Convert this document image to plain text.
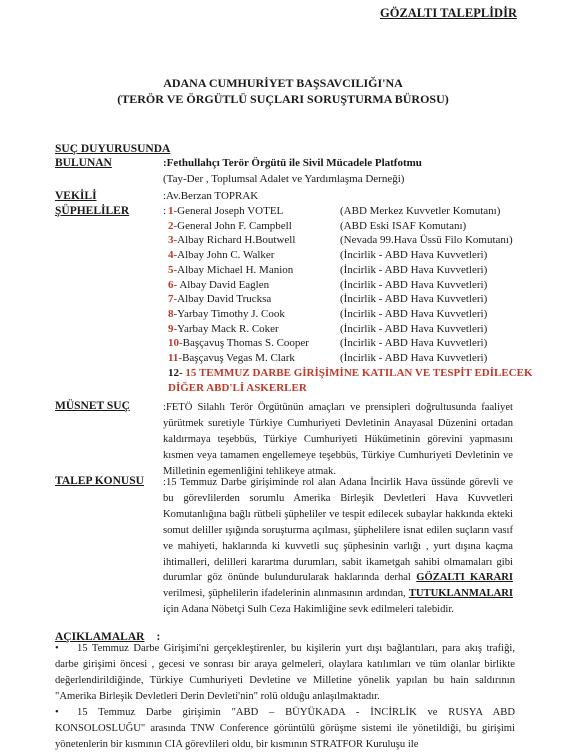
GÖZALTI TALEPLİDİR
ADANA CUMHURİYET BAŞSAVCILIĞI'NA
(TERÖR VE ÖRGÜTLÜ SUÇLARI SORUŞTURMA BÜROSU)
SUÇ DUYURUSUNDA
BULUNAN	:Fethullahçı Terör Örgütü ile Sivil Mücadele Platfotmu
(Tay-Der , Toplumsal Adalet ve Yardımlaşma Derneği)
VEKİLİ	:Av.Berzan TOPRAK
ŞÜPHELİLER	: 1-General Joseph VOTEL	(ABD Merkez Kuvvetler Komutanı)
2-General John F. Campbell	(ABD Eski ISAF Komutanı)
3-Albay Richard H.Boutwell	(Nevada 99.Hava Üssü Filo Komutanı)
4-Albay John C. Walker	(İncirlik - ABD Hava Kuvvetleri)
5-Albay Michael H. Manion	(İncirlik - ABD Hava Kuvvetleri)
6- Albay David Eaglen	(İncirlik - ABD Hava Kuvvetleri)
7-Albay David Trucksa	(İncirlik - ABD Hava Kuvvetleri)
8-Yarbay Timothy J. Cook	(İncirlik - ABD Hava Kuvvetleri)
9-Yarbay Mack R. Coker	(İncirlik - ABD Hava Kuvvetleri)
10-Başçavuş Thomas S. Cooper	(İncirlik - ABD Hava Kuvvetleri)
11-Başçavuş Vegas M. Clark	(İncirlik - ABD Hava Kuvvetleri)
12- 15 TEMMUZ DARBE GİRİŞİMİNE KATILAN VE TESPİT EDİLECEK
DİĞER ABD'Lİ ASKERLER
MÜSNET SUÇ	:FETÖ Silahlı Terör Örgütünün amaçları ve prensipleri doğrultusunda faaliyet yürütmek suretiyle Türkiye Cumhuriyeti Devletinin Anayasal Düzenini ortadan kaldırmaya teşebbüs, Türkiye Cumhuriyeti Hükümetinin görevini yapmasını kısmen veya tamamen engellemeye teşebbüs, Türkiye Cumhuriyeti Devletinin ve Milletinin egemenliğini tehlikeye atmak.
TALEP KONUSU :15 Temmuz Darbe girişiminde rol alan Adana İncirlik Hava üssünde görevli ve bu görevlilerden sorumlu Amerika Birleşik Devletleri Hava Kuvvetleri Komutanlığına bağlı rütbeli şüpheliler ve tespit edilecek subaylar hakkında ekteki somut deliller ışığında soruşturma açılması, şüphelilere isnat edilen suçların vasıf ve mahiyeti, haklarında ki kuvvetli suç şüphesinin varlığı , yurt dışına kaçma ihtimalleri, delilleri karartma durumları, sabit ikametgah sahibi olmamaları gibi durumlar göz önünde bulundurularak haklarında derhal GÖZALTI KARARI verilmesi, şüphelilerin ifadelerinin alınmasının ardından, TUTUKLANMALARI için Adana Nöbetçi Sulh Ceza Hakimliğine sevk edilmeleri talebidir.
AÇIKLAMALAR :
• 15 Temmuz Darbe Girişimi'ni gerçekleştirenler, bu kişilerin yurt dışı bağlantıları, para akış trafiği, darbe girişimi öncesi , gecesi ve sonrası bir araya gelmeleri, olaylara katılımları ve tüm olanlar birlikte değerlendirildiğinde, Türkiye Cumhuriyeti Devletine ve Milletine yönelik yapılan bu hain saldırının "Amerika Birleşik Devletleri Derin Devleti'nin" rolü olduğu anlaşılmaktadır.
• 15 Temmuz Darbe girişimin "ABD – BÜYÜKADA - İNCİRLİK ve RUSYA ABD KONSOLOSLUĞU" arasında TNW Conference görüntülü görüşme sistemi ile yönetildiği, bu girişimi yönetenlerin bir kısmının CIA görevlileri oldu, bir kısmının STRATFOR Kuruluşu ile
